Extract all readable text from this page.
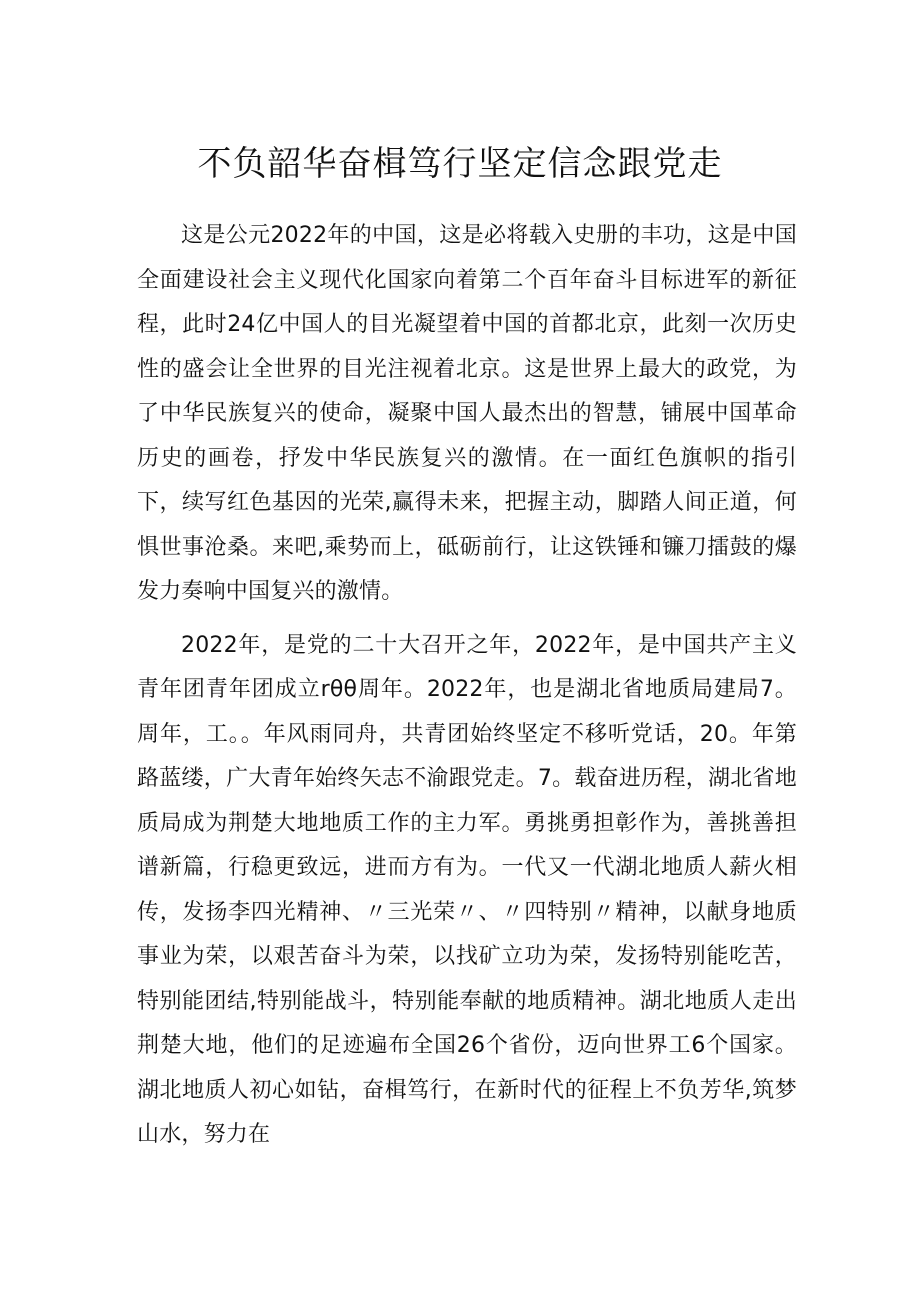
不负韶华奋楫笃行坚定信念跟党走

这是公元2022年的中国，这是必将载入史册的丰功，这是中国全面建设社会主义现代化国家向着第二个百年奋斗目标进军的新征程，此时24亿中国人的目光凝望着中国的首都北京，此刻一次历史性的盛会让全世界的目光注视着北京。这是世界上最大的政党，为了中华民族复兴的使命，凝聚中国人最杰出的智慧，铺展中国革命历史的画卷，抒发中华民族复兴的激情。在一面红色旗帜的指引下，续写红色基因的光荣,赢得未来，把握主动，脚踏人间正道，何惧世事沧桑。来吧,乘势而上，砥砺前行，让这铁锤和镰刀擂鼓的爆发力奏响中国复兴的激情。

2022年，是党的二十大召开之年，2022年，是中国共产主义青年团青年团成立rθθ周年。2022年，也是湖北省地质局建局7。周年，工。。年风雨同舟，共青团始终坚定不移听党话，20。年第路蓝缕，广大青年始终矢志不渝跟党走。7。载奋进历程，湖北省地质局成为荆楚大地地质工作的主力军。勇挑勇担彰作为，善挑善担谱新篇，行稳更致远，进而方有为。一代又一代湖北地质人薪火相传，发扬李四光精神、〃三光荣〃、〃四特别〃精神，以献身地质事业为荣，以艰苦奋斗为荣，以找矿立功为荣，发扬特别能吃苦，特别能团结,特别能战斗，特别能奉献的地质精神。湖北地质人走出荆楚大地，他们的足迹遍布全国26个省份，迈向世界工6个国家。湖北地质人初心如钻，奋楫笃行，在新时代的征程上不负芳华,筑梦山水，努力在
